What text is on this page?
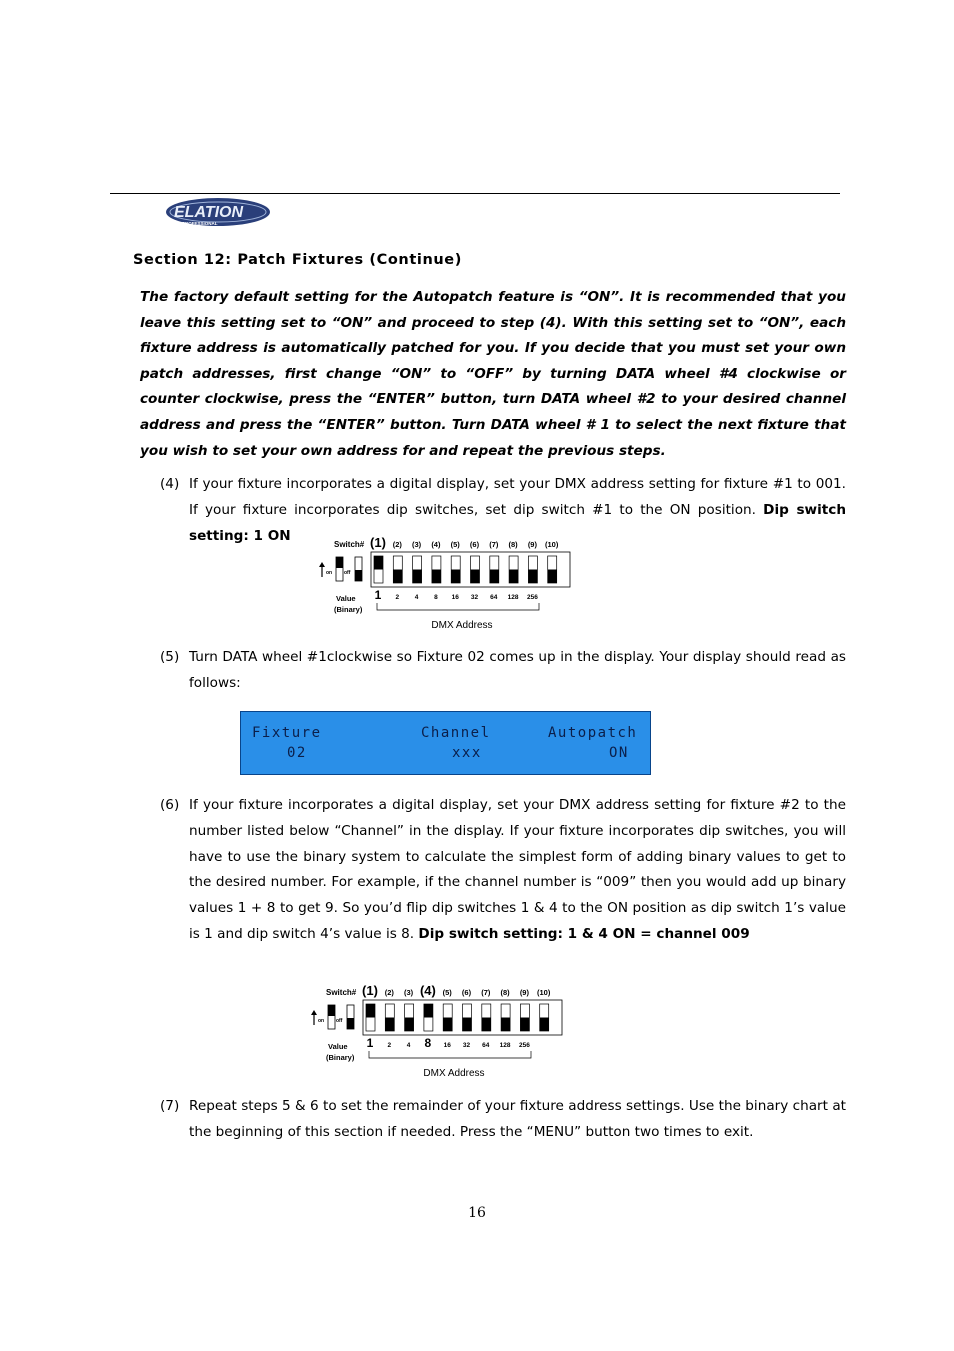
ELATION
PROFESSIONAL
Section 12: Patch Fixtures (Continue)
The factory default setting for the Autopatch feature is “ON”. It is recommended that you leave this setting set to “ON” and proceed to step (4). With this setting set to “ON”, each fixture address is automatically patched for you. If you decide that you must set your own patch addresses, first change “ON” to “OFF” by turning DATA wheel #4 clockwise or counter clockwise, press the “ENTER” button, turn DATA wheel #2 to your desired channel address and press the “ENTER” button. Turn DATA wheel # 1 to select the next fixture that you wish to set your own address for and repeat the previous steps.
(4) If your fixture incorporates a digital display, set your DMX address setting for fixture #1 to 001. If your fixture incorporates dip switches, set dip switch #1 to the ON position. Dip switch setting: 1 ON
Switch# (1) (2) (3) (4) (5) (6) (7) (8) (9) (10)
on off
1 2 4 8 16 32 64 128 256
Value
(Binary)
DMX Address
(5) Turn DATA wheel #1clockwise so Fixture 02 comes up in the display. Your display should read as follows:
Fixture
02
Channel
xxx
Autopatch
ON
(6) If your fixture incorporates a digital display, set your DMX address setting for fixture #2 to the number listed below “Channel” in the display. If your fixture incorporates dip switches, you will have to use the binary system to calculate the simplest form of adding binary values to get to the desired number. For example, if the channel number is “009” then you would add up binary values 1 + 8 to get 9. So you’d flip dip switches 1 & 4 to the ON position as dip switch 1’s value is 1 and dip switch 4’s value is 8. Dip switch setting: 1 & 4 ON = channel 009
Switch# (1) (2) (3) (4) (5) (6) (7) (8) (9) (10)
on off
1 2 4 8 16 32 64 128 256
Value
(Binary)
DMX Address
(7) Repeat steps 5 & 6 to set the remainder of your fixture address settings. Use the binary chart at the beginning of this section if needed. Press the “MENU” button two times to exit.
16
